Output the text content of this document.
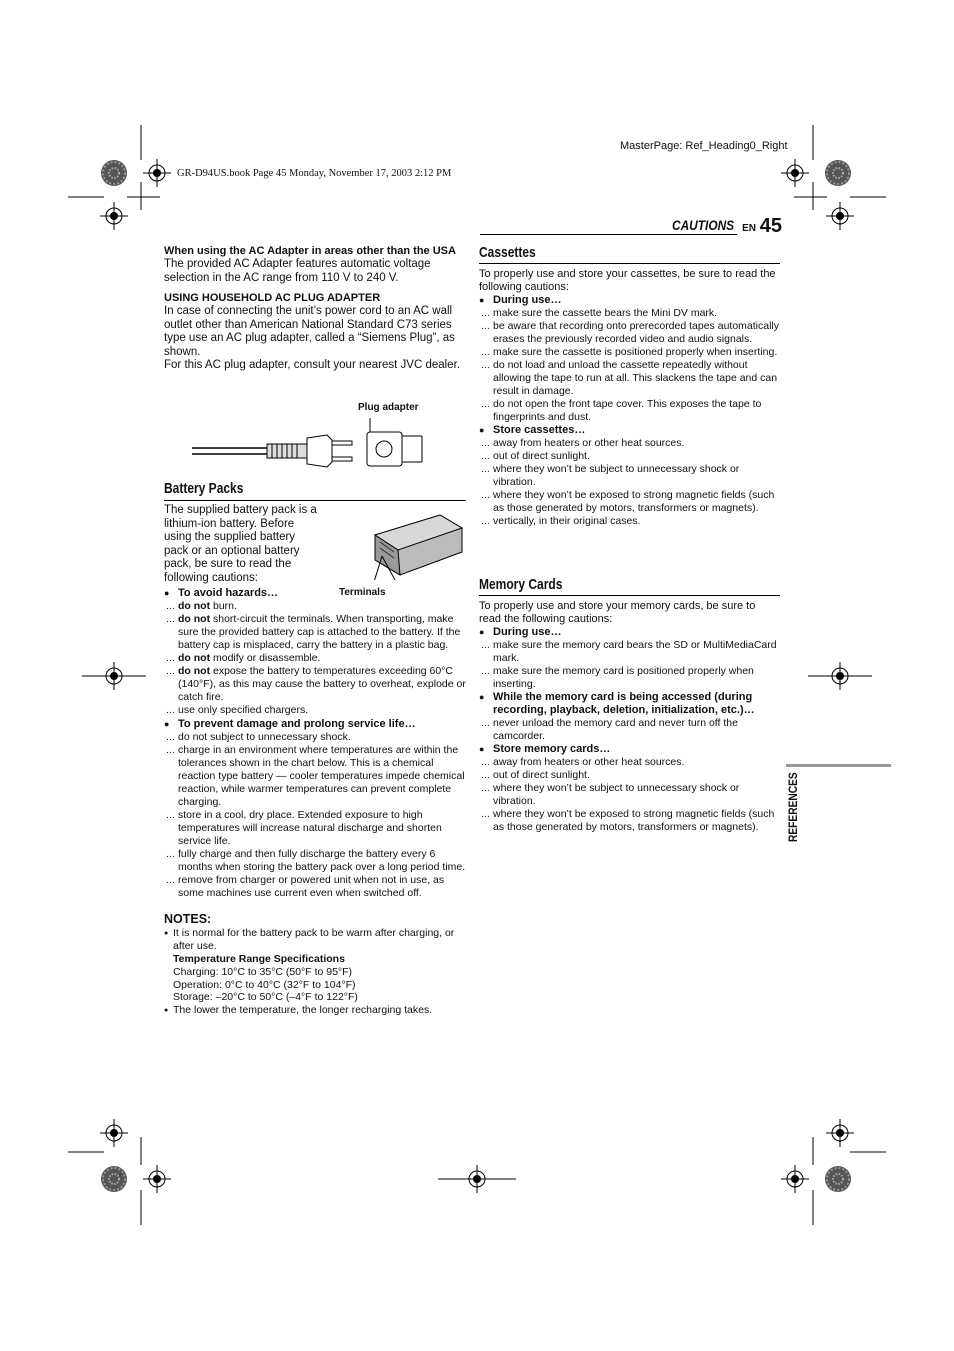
MasterPage: Ref_Heading0_Right
GR-D94US.book Page 45 Monday, November 17, 2003 2:12 PM
CAUTIONS EN 45
REFERENCES
When using the AC Adapter in areas other than the USA
The provided AC Adapter features automatic voltage selection in the AC range from 110 V to 240 V.
USING HOUSEHOLD AC PLUG ADAPTER
In case of connecting the unit’s power cord to an AC wall outlet other than American National Standard C73 series type use an AC plug adapter, called a “Siemens Plug”, as shown.
For this AC plug adapter, consult your nearest JVC dealer.
Plug adapter
Battery Packs
The supplied battery pack is a lithium-ion battery. Before using the supplied battery pack or an optional battery pack, be sure to read the following cautions:
Terminals
● To avoid hazards…
... do not burn.
... do not short-circuit the terminals. When transporting, make sure the provided battery cap is attached to the battery. If the battery cap is misplaced, carry the battery in a plastic bag.
... do not modify or disassemble.
... do not expose the battery to temperatures exceeding 60°C (140°F), as this may cause the battery to overheat, explode or catch fire.
... use only specified chargers.
● To prevent damage and prolong service life…
... do not subject to unnecessary shock.
... charge in an environment where temperatures are within the tolerances shown in the chart below. This is a chemical reaction type battery — cooler temperatures impede chemical reaction, while warmer temperatures can prevent complete charging.
... store in a cool, dry place. Extended exposure to high temperatures will increase natural discharge and shorten service life.
... fully charge and then fully discharge the battery every 6 months when storing the battery pack over a long period time.
... remove from charger or powered unit when not in use, as some machines use current even when switched off.
NOTES:
● It is normal for the battery pack to be warm after charging, or after use.
Temperature Range Specifications
Charging: 10°C to 35°C (50°F to 95°F)
Operation: 0°C to 40°C (32°F to 104°F)
Storage: –20°C to 50°C (–4°F to 122°F)
● The lower the temperature, the longer recharging takes.
Cassettes
To properly use and store your cassettes, be sure to read the following cautions:
● During use…
... make sure the cassette bears the Mini DV mark.
... be aware that recording onto prerecorded tapes automatically erases the previously recorded video and audio signals.
... make sure the cassette is positioned properly when inserting.
... do not load and unload the cassette repeatedly without allowing the tape to run at all. This slackens the tape and can result in damage.
... do not open the front tape cover. This exposes the tape to fingerprints and dust.
● Store cassettes…
... away from heaters or other heat sources.
... out of direct sunlight.
... where they won’t be subject to unnecessary shock or vibration.
... where they won’t be exposed to strong magnetic fields (such as those generated by motors, transformers or magnets).
... vertically, in their original cases.
Memory Cards
To properly use and store your memory cards, be sure to read the following cautions:
● During use…
... make sure the memory card bears the SD or MultiMediaCard mark.
... make sure the memory card is positioned properly when inserting.
● While the memory card is being accessed (during recording, playback, deletion, initialization, etc.)…
... never unload the memory card and never turn off the camcorder.
● Store memory cards…
... away from heaters or other heat sources.
... out of direct sunlight.
... where they won’t be subject to unnecessary shock or vibration.
... where they won’t be exposed to strong magnetic fields (such as those generated by motors, transformers or magnets).
